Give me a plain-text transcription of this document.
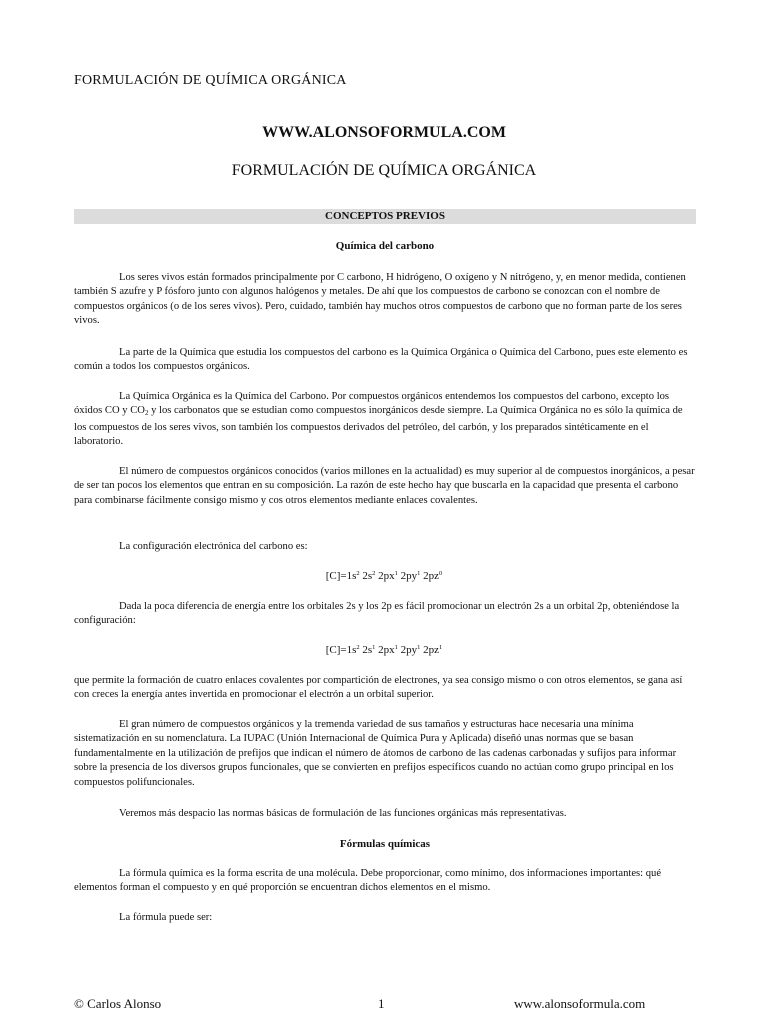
FORMULACIÓN DE QUÍMICA ORGÁNICA
WWW.ALONSOFORMULA.COM
FORMULACIÓN DE QUÍMICA ORGÁNICA
CONCEPTOS PREVIOS
Química del carbono
Los seres vivos están formados principalmente por C carbono, H hidrógeno, O oxígeno y N nitrógeno, y, en menor medida, contienen también S azufre y P fósforo junto con algunos halógenos y metales. De ahí que los compuestos de carbono se conozcan con el nombre de compuestos orgánicos (o de los seres vivos). Pero, cuidado, también hay muchos otros compuestos de carbono que no forman parte de los seres vivos.
La parte de la Química que estudia los compuestos del carbono es la Química Orgánica o Química del Carbono, pues este elemento es común a todos los compuestos orgánicos.
La Química Orgánica es la Química del Carbono. Por compuestos orgánicos entendemos los compuestos del carbono, excepto los óxidos CO y $CO_2$ y los carbonatos que se estudian como compuestos inorgánicos desde siempre. La Química Orgánica no es sólo la química de los compuestos de los seres vivos, son también los compuestos derivados del petróleo, del carbón, y los preparados sintéticamente en el laboratorio.
El número de compuestos orgánicos conocidos (varios millones en la actualidad) es muy superior al de compuestos inorgánicos, a pesar de ser tan pocos los elementos que entran en su composición. La razón de este hecho hay que buscarla en la capacidad que presenta el carbono para combinarse fácilmente consigo mismo y cos otros elementos mediante enlaces covalentes.
La configuración electrónica del carbono es:
$[C]=1s^2$ $2s^2$ $2px^1$ $2py^1$ $2pz^0$
Dada la poca diferencia de energía entre los orbitales 2s y los 2p es fácil promocionar un electrón 2s a un orbital 2p, obteniéndose la configuración:
$[C]=1s^2$ $2s^1$ $2px^1$ $2py^1$ $2pz^1$
que permite la formación de cuatro enlaces covalentes por compartición de electrones, ya sea consigo mismo o con otros elementos, se gana así con creces la energía antes invertida en promocionar el electrón a un orbital superior.
El gran número de compuestos orgánicos y la tremenda variedad de sus tamaños y estructuras hace necesaria una mínima sistematización en su nomenclatura. La IUPAC (Unión Internacional de Química Pura y Aplicada) diseñó unas normas que se basan fundamentalmente en la utilización de prefijos que indican el número de átomos de carbono de las cadenas carbonadas y sufijos para informar sobre la presencia de los diversos grupos funcionales, que se convierten en prefijos específicos cuando no actúan como grupo principal en los compuestos polifuncionales.
Veremos más despacio las normas básicas de formulación de las funciones orgánicas más representativas.
Fórmulas químicas
La fórmula química es la forma escrita de una molécula. Debe proporcionar, como mínimo, dos informaciones importantes: qué elementos forman el compuesto y en qué proporción se encuentran dichos elementos en el mismo.
La fórmula puede ser:
© Carlos Alonso	1	www.alonsoformula.com
